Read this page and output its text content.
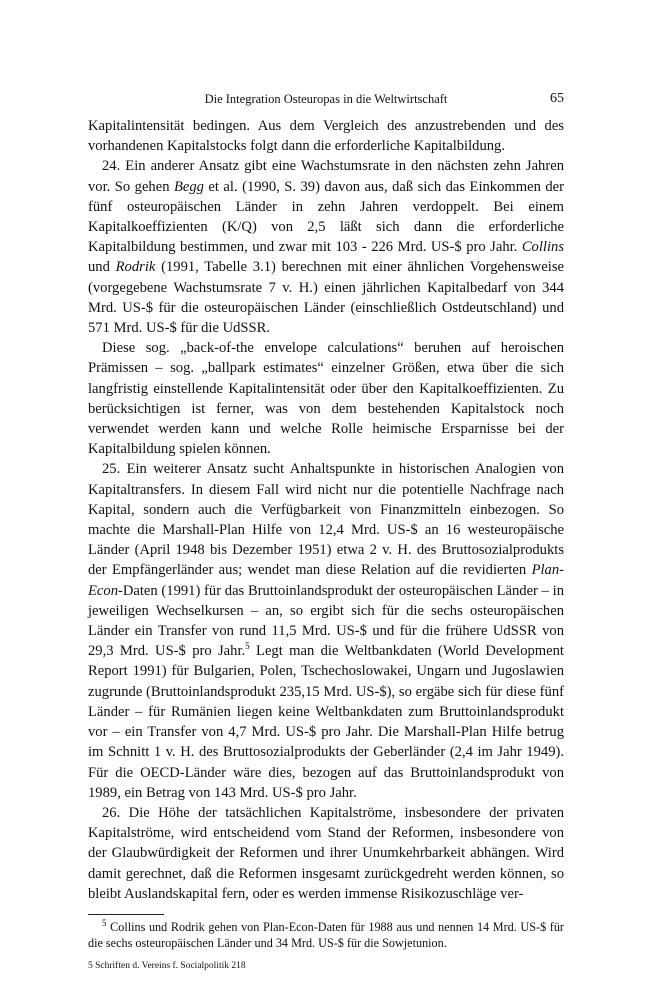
Die Integration Osteuropas in die Weltwirtschaft	65

Kapitalintensität bedingen. Aus dem Vergleich des anzustrebenden und des vorhandenen Kapitalstocks folgt dann die erforderliche Kapitalbildung.

24. Ein anderer Ansatz gibt eine Wachstumsrate in den nächsten zehn Jahren vor. So gehen Begg et al. (1990, S. 39) davon aus, daß sich das Einkommen der fünf osteuropäischen Länder in zehn Jahren verdoppelt. Bei einem Kapitalkoeffizienten (K/Q) von 2,5 läßt sich dann die erforderliche Kapitalbildung bestimmen, und zwar mit 103 - 226 Mrd. US-$ pro Jahr. Collins und Rodrik (1991, Tabelle 3.1) berechnen mit einer ähnlichen Vorgehensweise (vorgegebene Wachstumsrate 7 v. H.) einen jährlichen Kapitalbedarf von 344 Mrd. US-$ für die osteuropäischen Länder (einschließlich Ostdeutschland) und 571 Mrd. US-$ für die UdSSR.

Diese sog. „back-of-the envelope calculations“ beruhen auf heroischen Prämissen – sog. „ballpark estimates“ einzelner Größen, etwa über die sich langfristig einstellende Kapitalintensität oder über den Kapitalkoeffizienten. Zu berücksichtigen ist ferner, was von dem bestehenden Kapitalstock noch verwendet werden kann und welche Rolle heimische Ersparnisse bei der Kapitalbildung spielen können.

25. Ein weiterer Ansatz sucht Anhaltspunkte in historischen Analogien von Kapitaltransfers. In diesem Fall wird nicht nur die potentielle Nachfrage nach Kapital, sondern auch die Verfügbarkeit von Finanzmitteln einbezogen. So machte die Marshall-Plan Hilfe von 12,4 Mrd. US-$ an 16 westeuropäische Länder (April 1948 bis Dezember 1951) etwa 2 v. H. des Bruttosozialprodukts der Empfängerländer aus; wendet man diese Relation auf die revidierten Plan-Econ-Daten (1991) für das Bruttoinlandsprodukt der osteuropäischen Länder – in jeweiligen Wechselkursen – an, so ergibt sich für die sechs osteuropäischen Länder ein Transfer von rund 11,5 Mrd. US-$ und für die frühere UdSSR von 29,3 Mrd. US-$ pro Jahr.$^5$ Legt man die Weltbankdaten (World Development Report 1991) für Bulgarien, Polen, Tschechoslowakei, Ungarn und Jugoslawien zugrunde (Bruttoinlandsprodukt 235,15 Mrd. US-$), so ergäbe sich für diese fünf Länder – für Rumänien liegen keine Weltbankdaten zum Bruttoinlandsprodukt vor – ein Transfer von 4,7 Mrd. US-$ pro Jahr. Die Marshall-Plan Hilfe betrug im Schnitt 1 v. H. des Bruttosozialprodukts der Geberländer (2,4 im Jahr 1949). Für die OECD-Länder wäre dies, bezogen auf das Bruttoinlandsprodukt von 1989, ein Betrag von 143 Mrd. US-$ pro Jahr.

26. Die Höhe der tatsächlichen Kapitalströme, insbesondere der privaten Kapitalströme, wird entscheidend vom Stand der Reformen, insbesondere von der Glaubwürdigkeit der Reformen und ihrer Unumkehrbarkeit abhängen. Wird damit gerechnet, daß die Reformen insgesamt zurückgedreht werden können, so bleibt Auslandskapital fern, oder es werden immense Risikozuschläge ver-

$^5$ Collins und Rodrik gehen von Plan-Econ-Daten für 1988 aus und nennen 14 Mrd. US-$ für die sechs osteuropäischen Länder und 34 Mrd. US-$ für die Sowjetunion.

5 Schriften d. Vereins f. Socialpolitik 218
